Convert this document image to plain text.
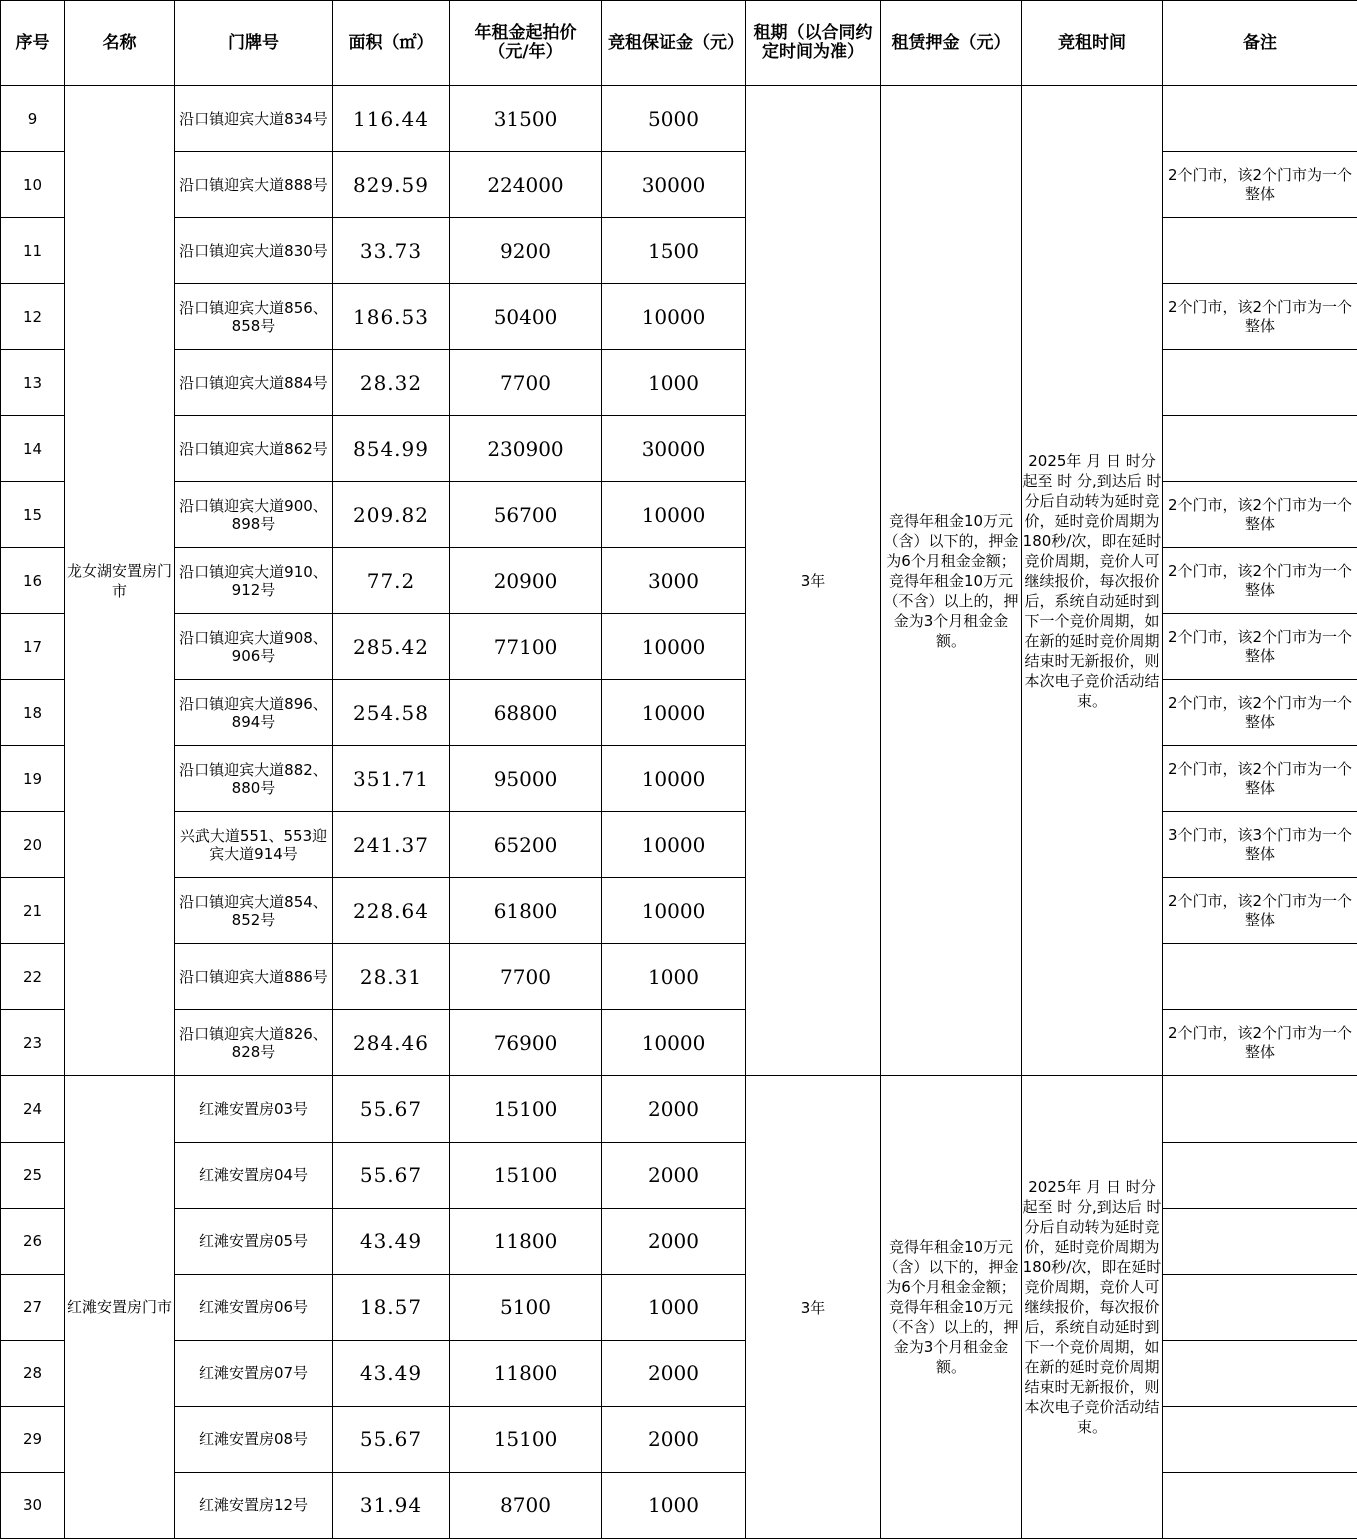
序号	名称	门牌号	面积（㎡）	年租金起拍价（元/年）	竞租保证金（元）	租期（以合同约定时间为准）	租赁押金（元）	竞租时间	备注
9	龙女湖安置房门市	沿口镇迎宾大道834号	116.44	31500	5000	3年	竞得年租金10万元（含）以下的，押金为6个月租金金额；竞得年租金10万元（不含）以上的，押金为3个月租金金额。	2025年 月 日 时分起至 时 分,到达后 时 分后自动转为延时竞价，延时竞价周期为180秒/次，即在延时竞价周期，竞价人可继续报价，每次报价后，系统自动延时到下一个竞价周期，如在新的延时竞价周期结束时无新报价，则本次电子竞价活动结束。	
10		沿口镇迎宾大道888号	829.59	224000	30000				2个门市，该2个门市为一个整体
11		沿口镇迎宾大道830号	33.73	9200	1500				
12		沿口镇迎宾大道856、858号	186.53	50400	10000				2个门市，该2个门市为一个整体
13		沿口镇迎宾大道884号	28.32	7700	1000				
14		沿口镇迎宾大道862号	854.99	230900	30000				
15		沿口镇迎宾大道900、898号	209.82	56700	10000				2个门市，该2个门市为一个整体
16		沿口镇迎宾大道910、912号	77.2	20900	3000				2个门市，该2个门市为一个整体
17		沿口镇迎宾大道908、906号	285.42	77100	10000				2个门市，该2个门市为一个整体
18		沿口镇迎宾大道896、894号	254.58	68800	10000				2个门市，该2个门市为一个整体
19		沿口镇迎宾大道882、880号	351.71	95000	10000				2个门市，该2个门市为一个整体
20		兴武大道551、553迎宾大道914号	241.37	65200	10000				3个门市，该3个门市为一个整体
21		沿口镇迎宾大道854、852号	228.64	61800	10000				2个门市，该2个门市为一个整体
22		沿口镇迎宾大道886号	28.31	7700	1000				
23		沿口镇迎宾大道826、828号	284.46	76900	10000				2个门市，该2个门市为一个整体
24	红滩安置房门市	红滩安置房03号	55.67	15100	2000	3年	竞得年租金10万元（含）以下的，押金为6个月租金金额；竞得年租金10万元（不含）以上的，押金为3个月租金金额。	2025年 月 日 时分起至 时 分,到达后 时 分后自动转为延时竞价，延时竞价周期为180秒/次，即在延时竞价周期，竞价人可继续报价，每次报价后，系统自动延时到下一个竞价周期，如在新的延时竞价周期结束时无新报价，则本次电子竞价活动结束。	
25		红滩安置房04号	55.67	15100	2000				
26		红滩安置房05号	43.49	11800	2000				
27		红滩安置房06号	18.57	5100	1000				
28		红滩安置房07号	43.49	11800	2000				
29		红滩安置房08号	55.67	15100	2000				
30		红滩安置房12号	31.94	8700	1000				
